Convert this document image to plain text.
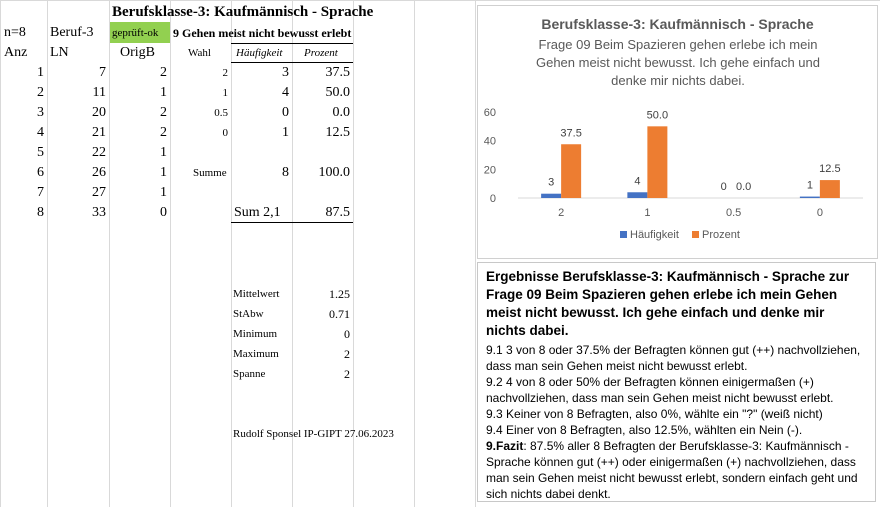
Berufsklasse-3: Kaufmännisch - Sprache
n=8 Beruf-3 geprüft-ok	9 Gehen meist nicht bewusst erlebt
Anz LN	OrigB	Wahl Häufigkeit Prozent
1	7	2	2	3	37.5
2	11	1	1	4	50.0
3	20	2	0.5	0	0.0
4	21	2	0	1	12.5
5	22	1
6	26	1
7	27	1
8	33	0
Summe	8	100.0
Sum 2,1	87.5
Mittelwert	1.25
StAbw	0.71
Minimum	0
Maximum	2
Spanne	2
Rudolf Sponsel IP-GIPT 27.06.2023
Berufsklasse-3: Kaufmännisch - Sprache
Frage 09 Beim Spazieren gehen erlebe ich mein Gehen meist nicht bewusst. Ich gehe einfach und denke mir nichts dabei.
0
20
40
60
3
37.5
2
4
50.0
1
0 0.0
0.5
1
12.5
0
Häufigkeit Prozent
Ergebnisse Berufsklasse-3: Kaufmännisch - Sprache zur Frage 09 Beim Spazieren gehen erlebe ich mein Gehen meist nicht bewusst. Ich gehe einfach und denke mir nichts dabei.

9.1 3 von 8 oder 37.5% der Befragten können gut (++) nachvollziehen, dass man sein Gehen meist nicht bewusst erlebt.

9.2 4 von 8 oder 50% der Befragten können einigermaßen (+) nachvollziehen, dass man sein Gehen meist nicht bewusst erlebt.

9.3 Keiner von 8 Befragten, also 0%, wählte ein "?" (weiß nicht)

9.4 Einer von 8 Befragten, also 12.5%, wählten ein Nein (-).

9.Fazit: 87.5% aller 8 Befragten der Berufsklasse-3: Kaufmännisch - Sprache können gut (++) oder einigermaßen (+) nachvollziehen, dass man sein Gehen meist nicht bewusst erlebt, sondern einfach geht und sich nichts dabei denkt.
